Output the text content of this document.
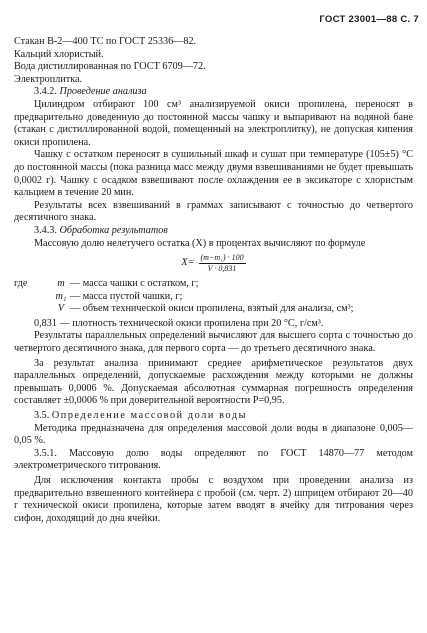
ГОСТ 23001—88 С. 7

Стакан В-2—400 ТС по ГОСТ 25336—82.

Кальций хлористый.

Вода дистиллированная по ГОСТ 6709—72.

Электроплитка.

3.4.2. Проведение анализа

Цилиндром отбирают 100 см³ анализируемой окиси пропилена, переносят в предварительно доведенную до постоянной массы чашку и выпаривают на водяной бане (стакан с дистиллированной водой, помещенный на электроплитку), не допуская кипения окиси пропилена.

Чашку с остатком переносят в сушильный шкаф и сушат при температуре (105±5) °С до постоянной массы (пока разница масс между двумя взвешиваниями не будет превышать 0,0002 г). Чашку с осадком взвешивают после охлаждения ее в эксикаторе с хлористым кальцием в течение 20 мин.

Результаты всех взвешиваний в граммах записывают с точностью до четвертого десятичного знака.

3.4.3. Обработка результатов

Массовую долю нелетучего остатка (X) в процентах вычисляют по формуле

$X= \frac{\text{(m−m₁) · 100}}{V \cdot 0,831}$
где	m — масса чашки с остатком, г;
m₁ — масса пустой чашки, г;
V — объем технической окиси пропилена, взятый для анализа, см³;

0,831 — плотность технической окиси пропилена при 20 °С, г/см³.

Результаты параллельных определений вычисляют для высшего сорта с точностью до четвертого десятичного знака, для первого сорта — до третьего десятичного знака.

За результат анализа принимают среднее арифметическое результатов двух параллельных определений, допускаемые расхождения между которыми не должны превышать 0,0006 %. Допускаемая абсолютная суммарная погрешность определения составляет ±0,0006 % при доверительной вероятности P=0,95.

3.5. Определение массовой доли воды

Методика предназначена для определения массовой доли воды в диапазоне 0,005—0,05 %.

3.5.1. Массовую долю воды определяют по ГОСТ 14870—77 методом электрометрического титрования.

Для исключения контакта пробы с воздухом при проведении анализа из предварительно взвешенного контейнера с пробой (см. черт. 2) шприцем отбирают 20—40 г технической окиси пропилена, которые затем вводят в ячейку для титрования через сифон, доходящий до дна ячейки.
